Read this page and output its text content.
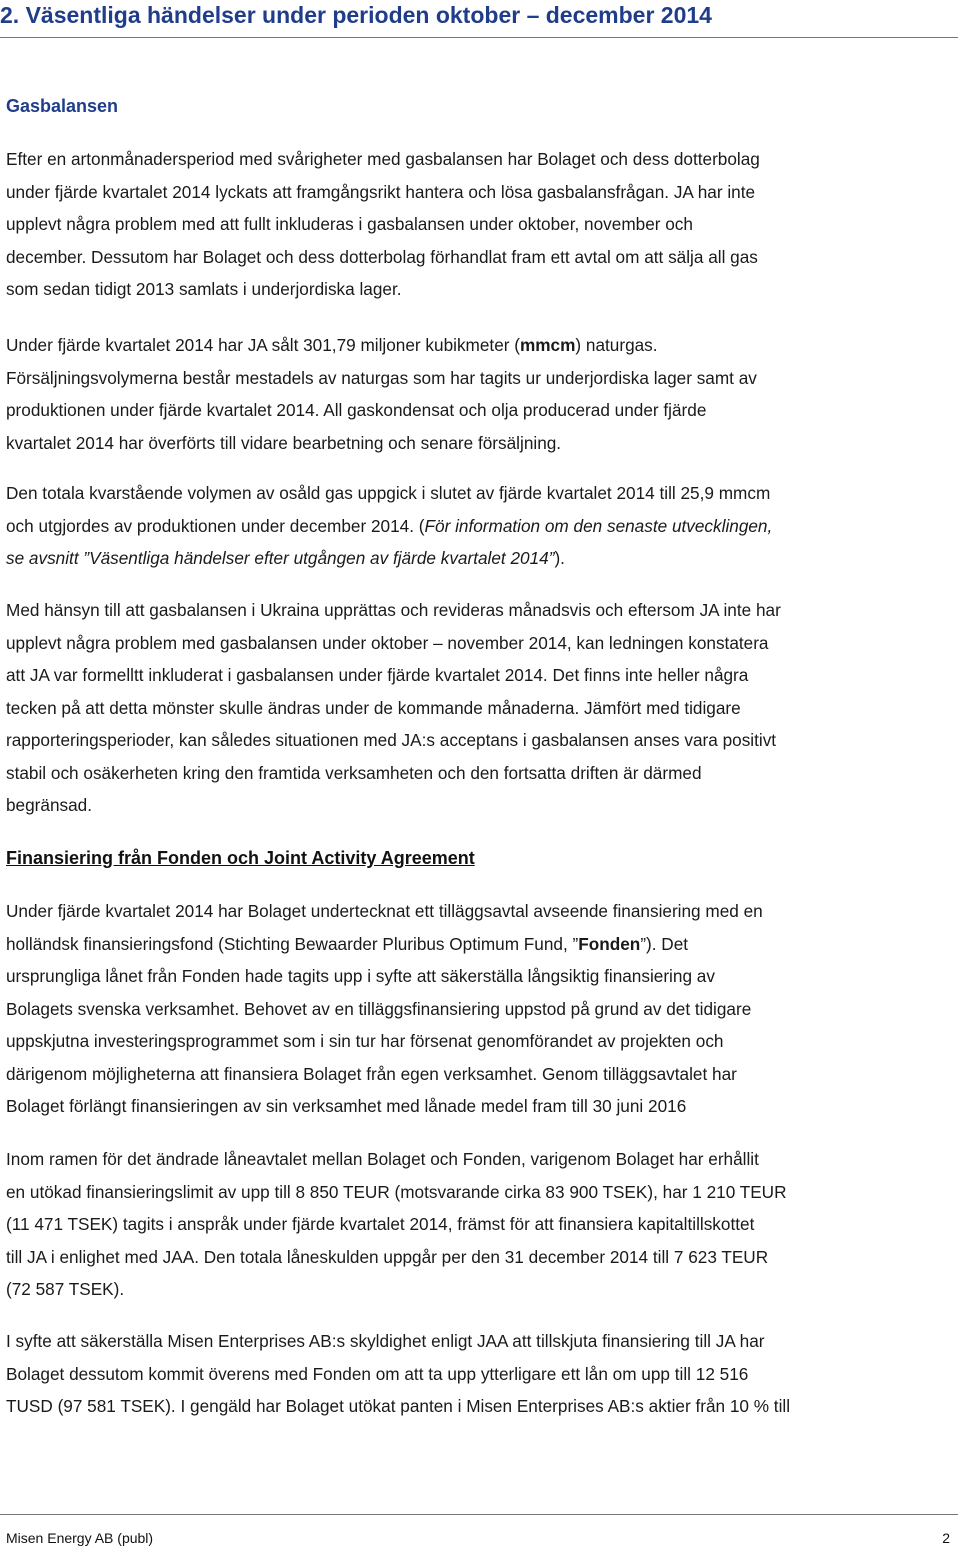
2. Väsentliga händelser under perioden oktober – december 2014
Gasbalansen

Efter en artonmånadersperiod med svårigheter med gasbalansen har Bolaget och dess dotterbolag
under fjärde kvartalet 2014 lyckats att framgångsrikt hantera och lösa gasbalansfrågan. JA har inte
upplevt några problem med att fullt inkluderas i gasbalansen under oktober, november och
december. Dessutom har Bolaget och dess dotterbolag förhandlat fram ett avtal om att sälja all gas
som sedan tidigt 2013 samlats i underjordiska lager.

Under fjärde kvartalet 2014 har JA sålt 301,79 miljoner kubikmeter (mmcm) naturgas.
Försäljningsvolymerna består mestadels av naturgas som har tagits ur underjordiska lager samt av
produktionen under fjärde kvartalet 2014. All gaskondensat och olja producerad under fjärde
kvartalet 2014 har överförts till vidare bearbetning och senare försäljning.

Den totala kvarstående volymen av osåld gas uppgick i slutet av fjärde kvartalet 2014 till 25,9 mmcm
och utgjordes av produktionen under december 2014. (För information om den senaste utvecklingen,
se avsnitt ”Väsentliga händelser efter utgången av fjärde kvartalet 2014”).

Med hänsyn till att gasbalansen i Ukraina upprättas och revideras månadsvis och eftersom JA inte har
upplevt några problem med gasbalansen under oktober – november 2014, kan ledningen konstatera
att JA var formelltt inkluderat i gasbalansen under fjärde kvartalet 2014. Det finns inte heller några
tecken på att detta mönster skulle ändras under de kommande månaderna. Jämfört med tidigare
rapporteringsperioder, kan således situationen med JA:s acceptans i gasbalansen anses vara positivt
stabil och osäkerheten kring den framtida verksamheten och den fortsatta driften är därmed
begränsad.

Finansiering från Fonden och Joint Activity Agreement

Under fjärde kvartalet 2014 har Bolaget undertecknat ett tilläggsavtal avseende finansiering med en
holländsk finansieringsfond (Stichting Bewaarder Pluribus Optimum Fund, ”Fonden”). Det
ursprungliga lånet från Fonden hade tagits upp i syfte att säkerställa långsiktig finansiering av
Bolagets svenska verksamhet. Behovet av en tilläggsfinansiering uppstod på grund av det tidigare
uppskjutna investeringsprogrammet som i sin tur har försenat genomförandet av projekten och
därigenom möjligheterna att finansiera Bolaget från egen verksamhet. Genom tilläggsavtalet har
Bolaget förlängt finansieringen av sin verksamhet med lånade medel fram till 30 juni 2016

Inom ramen för det ändrade låneavtalet mellan Bolaget och Fonden, varigenom Bolaget har erhållit
en utökad finansieringslimit av upp till 8 850 TEUR (motsvarande cirka 83 900 TSEK), har 1 210 TEUR
(11 471 TSEK) tagits i anspråk under fjärde kvartalet 2014, främst för att finansiera kapitaltillskottet
till JA i enlighet med JAA. Den totala låneskulden uppgår per den 31 december 2014 till 7 623 TEUR
(72 587 TSEK).

I syfte att säkerställa Misen Enterprises AB:s skyldighet enligt JAA att tillskjuta finansiering till JA har
Bolaget dessutom kommit överens med Fonden om att ta upp ytterligare ett lån om upp till 12 516
TUSD (97 581 TSEK). I gengäld har Bolaget utökat panten i Misen Enterprises AB:s aktier från 10 % till

Misen Energy AB (publ)	2
